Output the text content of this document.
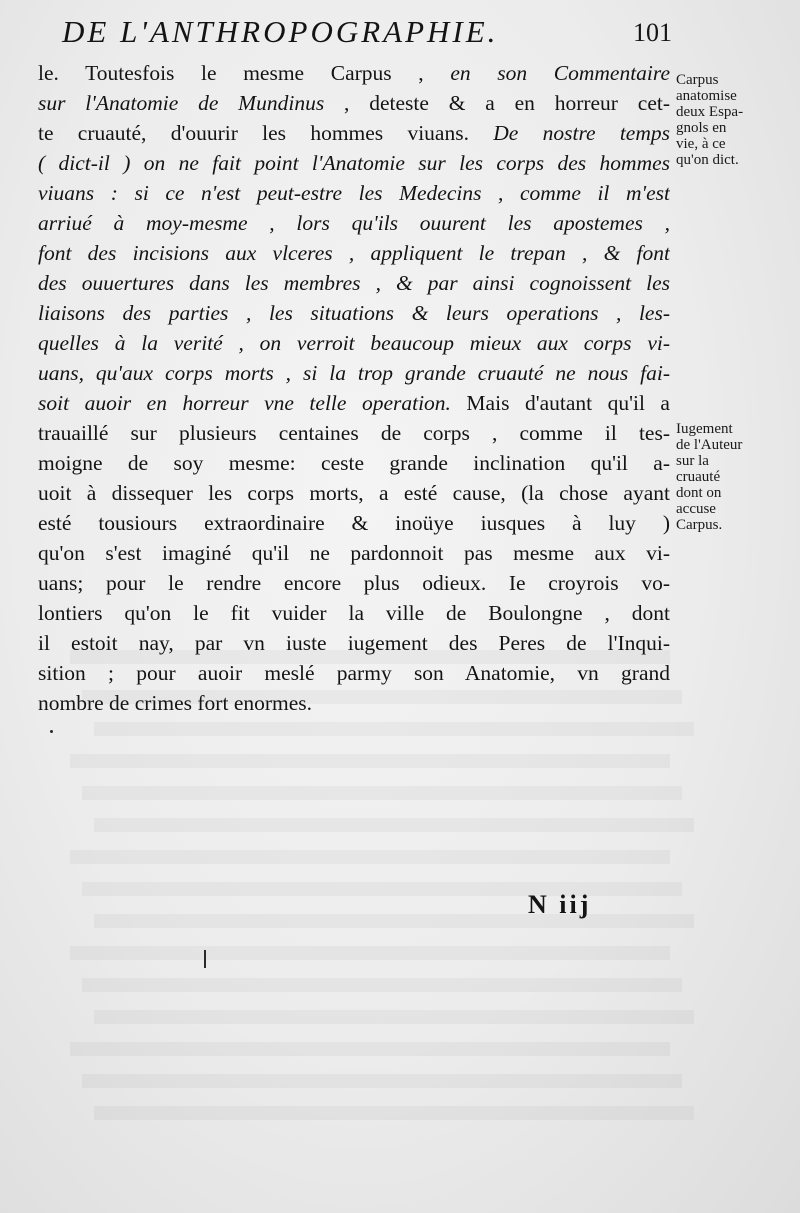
DE L'ANTHROPOGRAPHIE.	101
le. Toutesfois le mesme Carpus , en son Commentaire
sur l'Anatomie de Mundinus , deteste & a en horreur cet-
te cruauté, d'ouurir les hommes viuans. De nostre temps
( dict-il ) on ne fait point l'Anatomie sur les corps des hommes
viuans : si ce n'est peut-estre les Medecins , comme il m'est
arriué à moy-mesme , lors qu'ils ouurent les apostemes ,
font des incisions aux vlceres , appliquent le trepan , & font
des ouuertures dans les membres , & par ainsi cognoissent les
liaisons des parties , les situations & leurs operations , les-
quelles à la verité , on verroit beaucoup mieux aux corps vi-
uans, qu'aux corps morts , si la trop grande cruauté ne nous fai-
soit auoir en horreur vne telle operation. Mais d'autant qu'il a
trauaillé sur plusieurs centaines de corps , comme il tes-
moigne de soy mesme: ceste grande inclination qu'il a-
uoit à dissequer les corps morts, a esté cause, (la chose ayant
esté tousiours extraordinaire & inoüye iusques à luy )
qu'on s'est imaginé qu'il ne pardonnoit pas mesme aux vi-
uans; pour le rendre encore plus odieux. Ie croyrois vo-
lontiers qu'on le fit vuider la ville de Boulongne , dont
il estoit nay, par vn iuste iugement des Peres de l'Inqui-
sition ; pour auoir meslé parmy son Anatomie, vn grand
nombre de crimes fort enormes.
Carpus
anatomise
deux Espa-
gnols en
vie, à ce
qu'on dict.
Iugement
de l'Auteur
sur la
cruauté
dont on
accuse
Carpus.
N iij
